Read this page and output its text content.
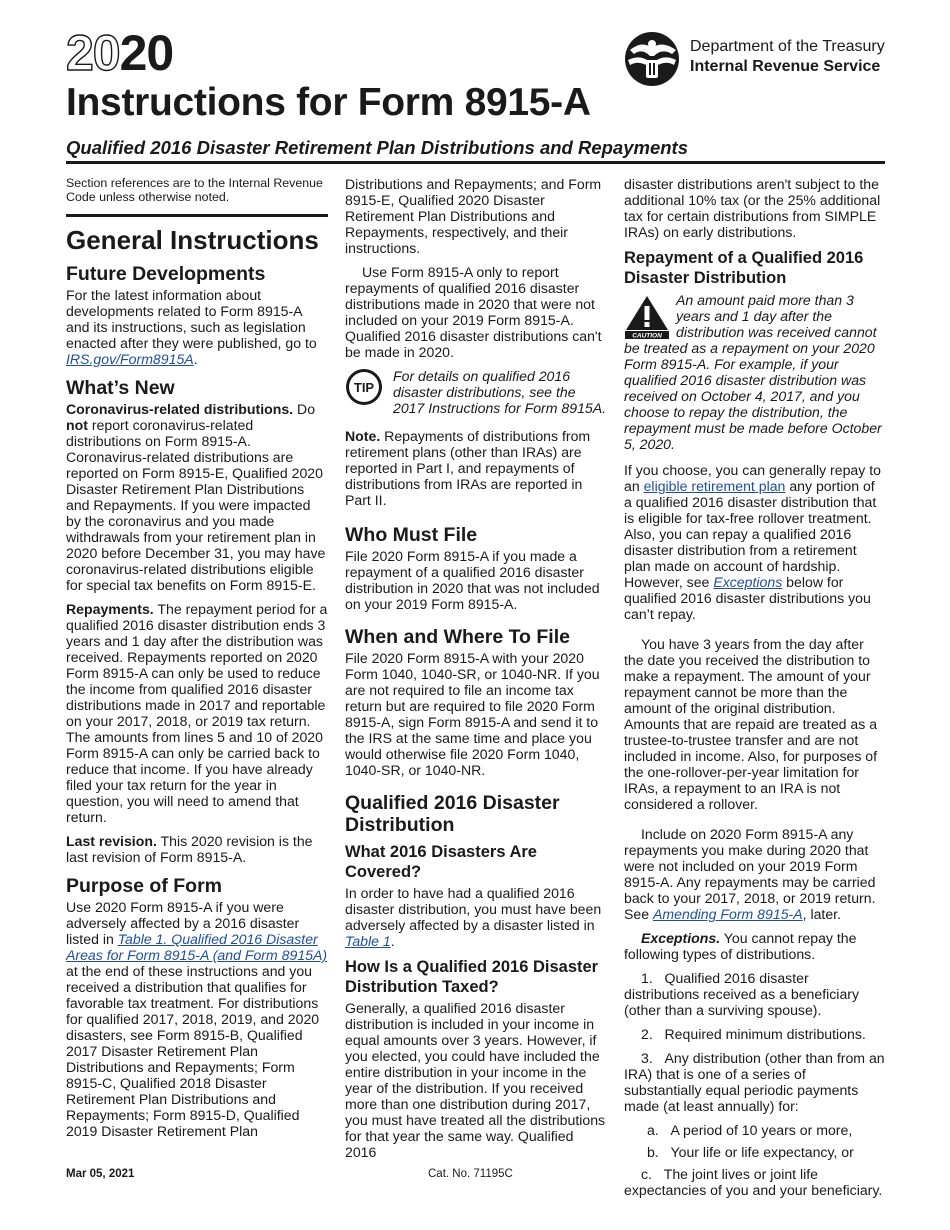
2020	Department of the Treasury
Internal Revenue Service
Instructions for Form 8915-A
Qualified 2016 Disaster Retirement Plan Distributions and Repayments

Section references are to the Internal Revenue Code unless otherwise noted.

General Instructions
Future Developments

For the latest information about developments related to Form 8915-A and its instructions, such as legislation enacted after they were published, go to IRS.gov/Form8915A.

What’s New

Coronavirus-related distributions. Do not report coronavirus-related distributions on Form 8915-A. Coronavirus-related distributions are reported on Form 8915-E, Qualified 2020 Disaster Retirement Plan Distributions and Repayments. If you were impacted by the coronavirus and you made withdrawals from your retirement plan in 2020 before December 31, you may have coronavirus-related distributions eligible for special tax benefits on Form 8915-E.

Repayments. The repayment period for a qualified 2016 disaster distribution ends 3 years and 1 day after the distribution was received. Repayments reported on 2020 Form 8915-A can only be used to reduce the income from qualified 2016 disaster distributions made in 2017 and reportable on your 2017, 2018, or 2019 tax return. The amounts from lines 5 and 10 of 2020 Form 8915-A can only be carried back to reduce that income. If you have already filed your tax return for the year in question, you will need to amend that return.

Last revision. This 2020 revision is the last revision of Form 8915-A.

Purpose of Form

Use 2020 Form 8915-A if you were adversely affected by a 2016 disaster listed in Table 1. Qualified 2016 Disaster Areas for Form 8915-A (and Form 8915A) at the end of these instructions and you received a distribution that qualifies for favorable tax treatment. For distributions for qualified 2017, 2018, 2019, and 2020 disasters, see Form 8915-B, Qualified 2017 Disaster Retirement Plan Distributions and Repayments; Form 8915-C, Qualified 2018 Disaster Retirement Plan Distributions and Repayments; Form 8915-D, Qualified 2019 Disaster Retirement Plan

Distributions and Repayments; and Form 8915-E, Qualified 2020 Disaster Retirement Plan Distributions and Repayments, respectively, and their instructions.

Use Form 8915-A only to report repayments of qualified 2016 disaster distributions made in 2020 that were not included on your 2019 Form 8915-A. Qualified 2016 disaster distributions can't be made in 2020.

TIP
For details on qualified 2016 disaster distributions, see the 2017 Instructions for Form 8915A.

Note. Repayments of distributions from retirement plans (other than IRAs) are reported in Part I, and repayments of distributions from IRAs are reported in Part II.

Who Must File

File 2020 Form 8915-A if you made a repayment of a qualified 2016 disaster distribution in 2020 that was not included on your 2019 Form 8915-A.

When and Where To File

File 2020 Form 8915-A with your 2020 Form 1040, 1040-SR, or 1040-NR. If you are not required to file an income tax return but are required to file 2020 Form 8915-A, sign Form 8915-A and send it to the IRS at the same time and place you would otherwise file 2020 Form 1040, 1040-SR, or 1040-NR.

Qualified 2016 Disaster Distribution
What 2016 Disasters Are Covered?

In order to have had a qualified 2016 disaster distribution, you must have been adversely affected by a disaster listed in Table 1.

How Is a Qualified 2016 Disaster Distribution Taxed?

Generally, a qualified 2016 disaster distribution is included in your income in equal amounts over 3 years. However, if you elected, you could have included the entire distribution in your income in the year of the distribution. If you received more than one distribution during 2017, you must have treated all the distributions for that year the same way. Qualified 2016

disaster distributions aren't subject to the additional 10% tax (or the 25% additional tax for certain distributions from SIMPLE IRAs) on early distributions.

Repayment of a Qualified 2016 Disaster Distribution
CAUTION
An amount paid more than 3 years and 1 day after the distribution was received cannot be treated as a repayment on your 2020 Form 8915-A. For example, if your qualified 2016 disaster distribution was received on October 4, 2017, and you choose to repay the distribution, the repayment must be made before October 5, 2020.

If you choose, you can generally repay to an eligible retirement plan any portion of a qualified 2016 disaster distribution that is eligible for tax-free rollover treatment. Also, you can repay a qualified 2016 disaster distribution from a retirement plan made on account of hardship. However, see Exceptions below for qualified 2016 disaster distributions you can’t repay.

You have 3 years from the day after the date you received the distribution to make a repayment. The amount of your repayment cannot be more than the amount of the original distribution. Amounts that are repaid are treated as a trustee-to-trustee transfer and are not included in income. Also, for purposes of the one-rollover-per-year limitation for IRAs, a repayment to an IRA is not considered a rollover.

Include on 2020 Form 8915-A any repayments you make during 2020 that were not included on your 2019 Form 8915-A. Any repayments may be carried back to your 2017, 2018, or 2019 return. See Amending Form 8915-A, later.

Exceptions. You cannot repay the following types of distributions.

1.   Qualified 2016 disaster distributions received as a beneficiary (other than a surviving spouse).

2.   Required minimum distributions.

3.   Any distribution (other than from an IRA) that is one of a series of substantially equal periodic payments made (at least annually) for:

a.   A period of 10 years or more,

b.   Your life or life expectancy, or

c.   The joint lives or joint life expectancies of you and your beneficiary.

Mar 05, 2021	Cat. No. 71195C
